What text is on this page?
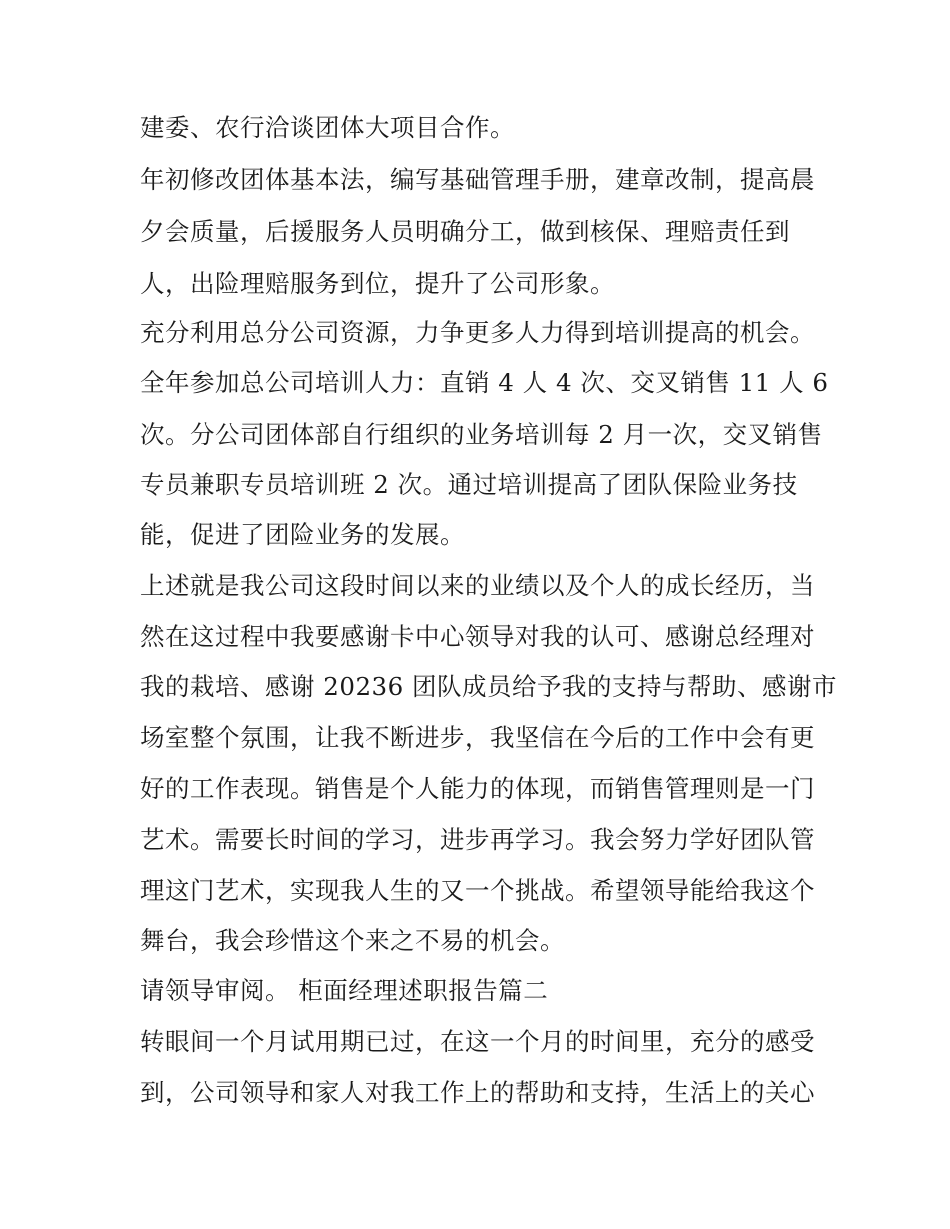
建委、农行洽谈团体大项目合作。
年初修改团体基本法，编写基础管理手册，建章改制，提高晨
夕会质量，后援服务人员明确分工，做到核保、理赔责任到
人，出险理赔服务到位，提升了公司形象。
充分利用总分公司资源，力争更多人力得到培训提高的机会。
全年参加总公司培训人力：直销 4 人 4 次、交叉销售 11 人 6
次。分公司团体部自行组织的业务培训每 2 月一次，交叉销售
专员兼职专员培训班 2 次。通过培训提高了团队保险业务技
能，促进了团险业务的发展。
上述就是我公司这段时间以来的业绩以及个人的成长经历，当
然在这过程中我要感谢卡中心领导对我的认可、感谢总经理对
我的栽培、感谢 20236 团队成员给予我的支持与帮助、感谢市
场室整个氛围，让我不断进步，我坚信在今后的工作中会有更
好的工作表现。销售是个人能力的体现，而销售管理则是一门
艺术。需要长时间的学习，进步再学习。我会努力学好团队管
理这门艺术，实现我人生的又一个挑战。希望领导能给我这个
舞台，我会珍惜这个来之不易的机会。
请领导审阅。 柜面经理述职报告篇二
转眼间一个月试用期已过，在这一个月的时间里，充分的感受
到，公司领导和家人对我工作上的帮助和支持，生活上的关心
